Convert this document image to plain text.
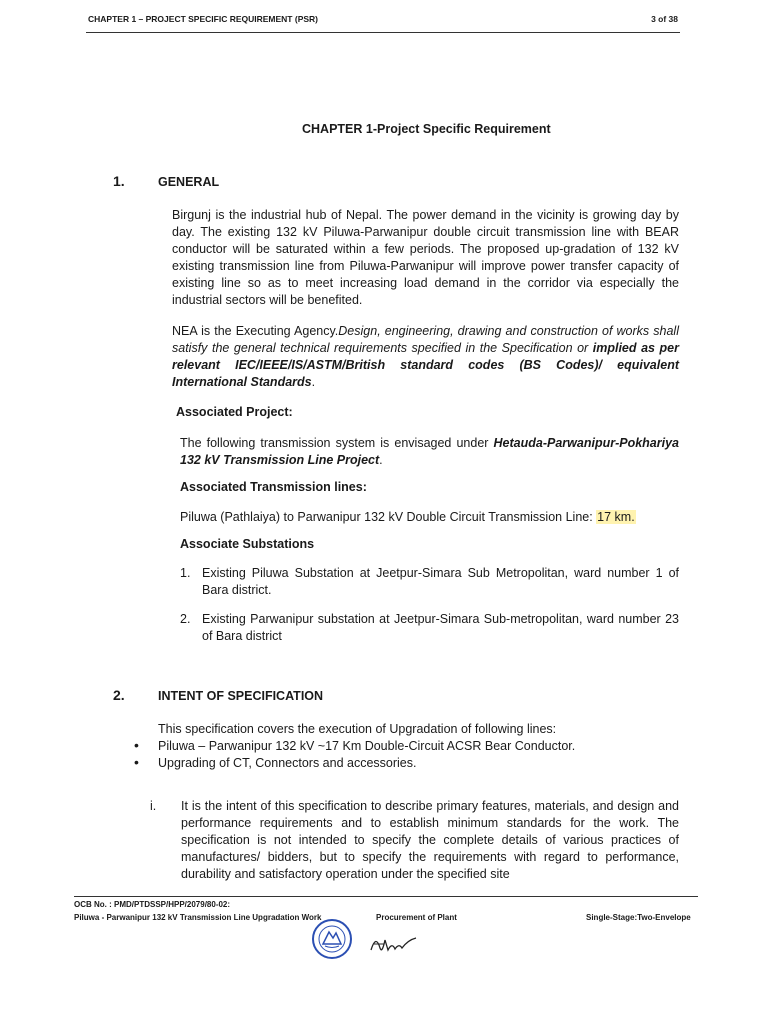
CHAPTER 1 – PROJECT SPECIFIC REQUIREMENT (PSR)	3 of 38
CHAPTER 1-Project Specific Requirement
1.	GENERAL
Birgunj is the industrial hub of Nepal. The power demand in the vicinity is growing day by day. The existing 132 kV Piluwa-Parwanipur double circuit transmission line with BEAR conductor will be saturated within a few periods. The proposed up-gradation of 132 kV existing transmission line from Piluwa-Parwanipur will improve power transfer capacity of existing line so as to meet increasing load demand in the corridor via especially the industrial sectors will be benefited.
NEA is the Executing Agency.Design, engineering, drawing and construction of works shall satisfy the general technical requirements specified in the Specification or implied as per relevant IEC/IEEE/IS/ASTM/British standard codes (BS Codes)/ equivalent International Standards.
Associated Project:
The following transmission system is envisaged under Hetauda-Parwanipur-Pokhariya 132 kV Transmission Line Project.
Associated Transmission lines:
Piluwa (Pathlaiya) to Parwanipur 132 kV Double Circuit Transmission Line: 17 km.
Associate Substations
1. Existing Piluwa Substation at Jeetpur-Simara Sub Metropolitan, ward number 1 of Bara district.
2. Existing Parwanipur substation at Jeetpur-Simara Sub-metropolitan, ward number 23 of Bara district
2.	INTENT OF SPECIFICATION
This specification covers the execution of Upgradation of following lines:
• Piluwa – Parwanipur 132 kV ~17 Km Double-Circuit ACSR Bear Conductor.
• Upgrading of CT, Connectors and accessories.
i. It is the intent of this specification to describe primary features, materials, and design and performance requirements and to establish minimum standards for the work. The specification is not intended to specify the complete details of various practices of manufactures/ bidders, but to specify the requirements with regard to performance, durability and satisfactory operation under the specified site
OCB No. : PMD/PTDSSP/HPP/2079/80-02:
Piluwa - Parwanipur 132 kV Transmission Line Upgradation Work	Procurement of Plant	Single-Stage:Two-Envelope
